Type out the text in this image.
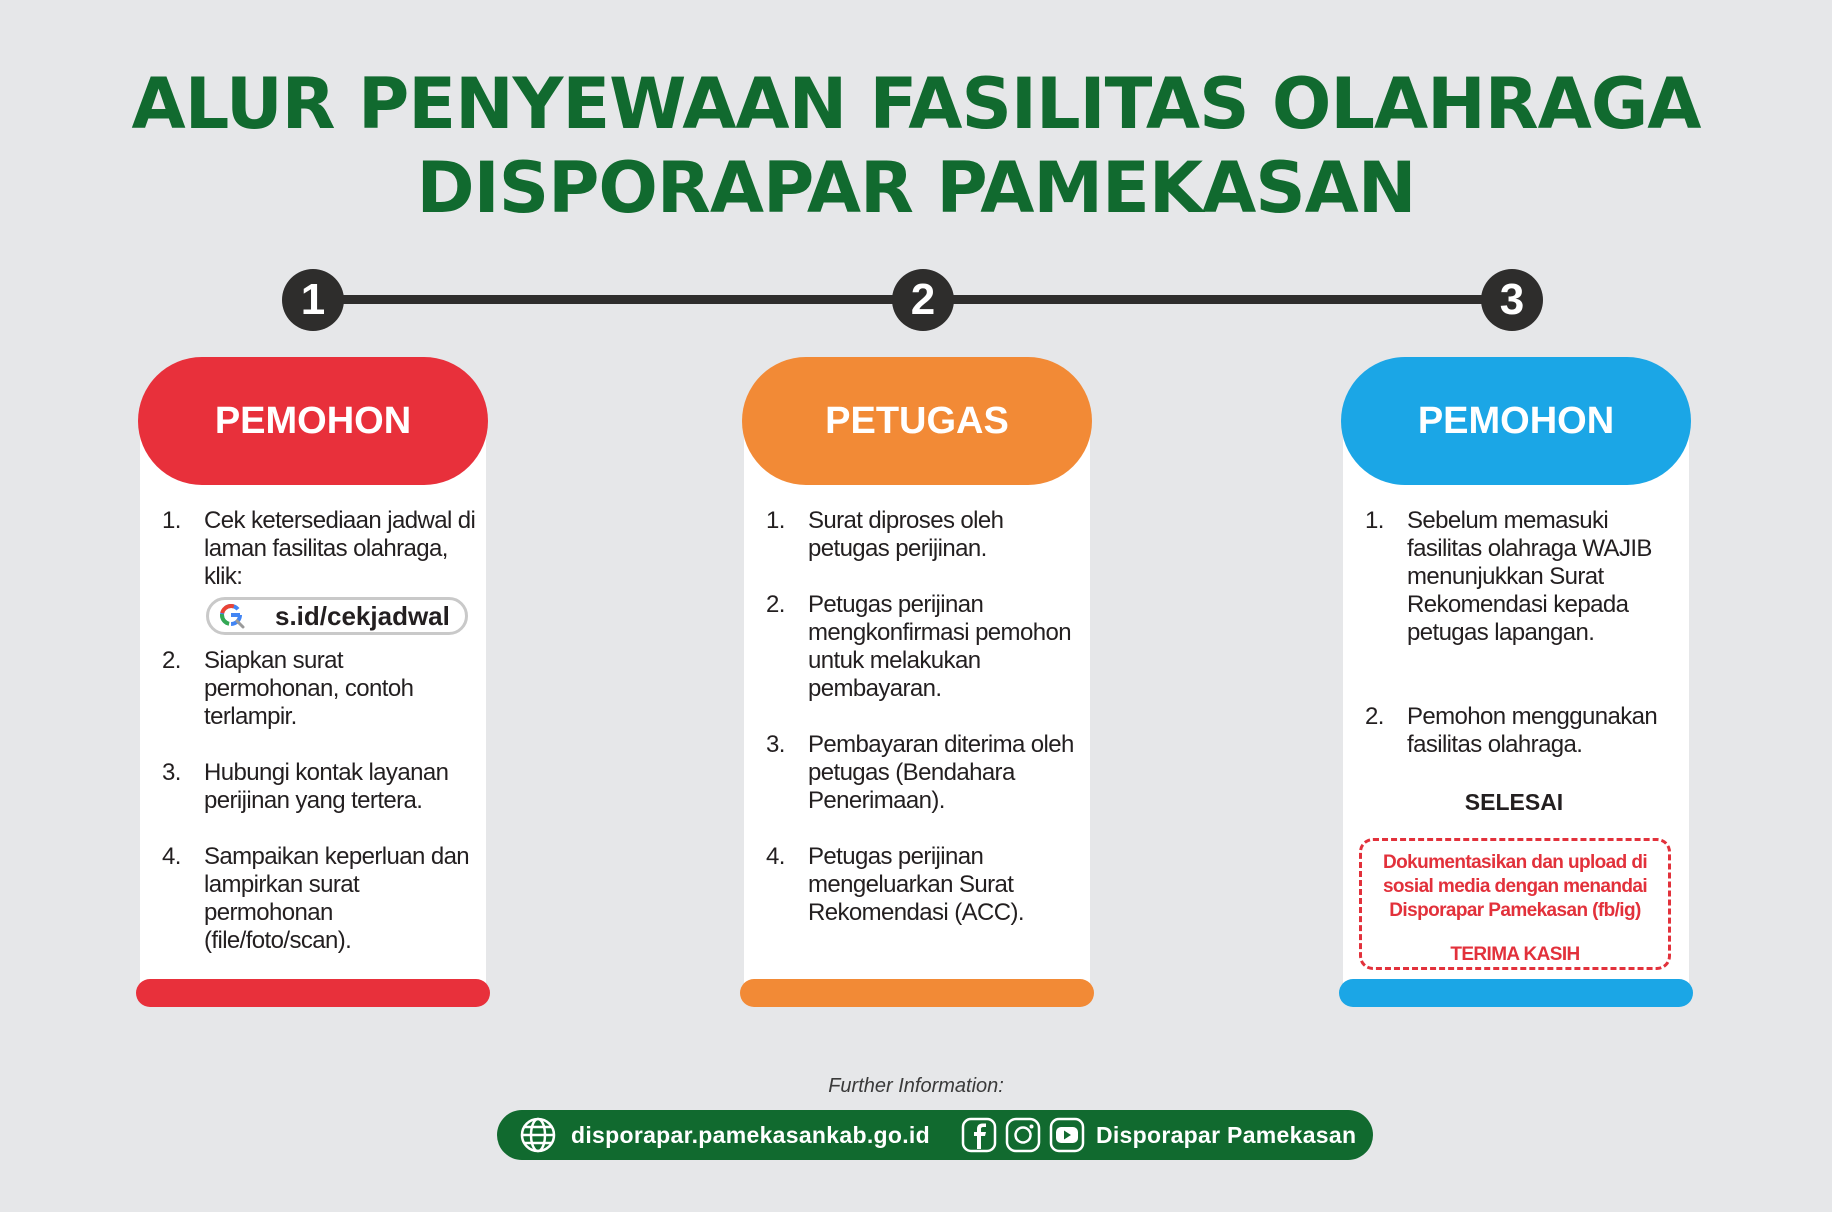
ALUR PENYEWAAN FASILITAS OLAHRAGA
DISPORAPAR PAMEKASAN
1	2	3
PEMOHON
1. Cek ketersediaan jadwal di laman fasilitas olahraga, klik:
s.id/cekjadwal
2. Siapkan surat permohonan, contoh terlampir.
3. Hubungi kontak layanan perijinan yang tertera.
4. Sampaikan keperluan dan lampirkan surat permohonan (file/foto/scan).
PETUGAS
1. Surat diproses oleh petugas perijinan.
2. Petugas perijinan mengkonfirmasi pemohon untuk melakukan pembayaran.
3. Pembayaran diterima oleh petugas (Bendahara Penerimaan).
4. Petugas perijinan mengeluarkan Surat Rekomendasi (ACC).
PEMOHON
1. Sebelum memasuki fasilitas olahraga WAJIB menunjukkan Surat Rekomendasi kepada petugas lapangan.
2. Pemohon menggunakan fasilitas olahraga.
SELESAI
Dokumentasikan dan upload di sosial media dengan menandai Disporapar Pamekasan (fb/ig)
TERIMA KASIH
Further Information:
disporapar.pamekasankab.go.id	Disporapar Pamekasan
